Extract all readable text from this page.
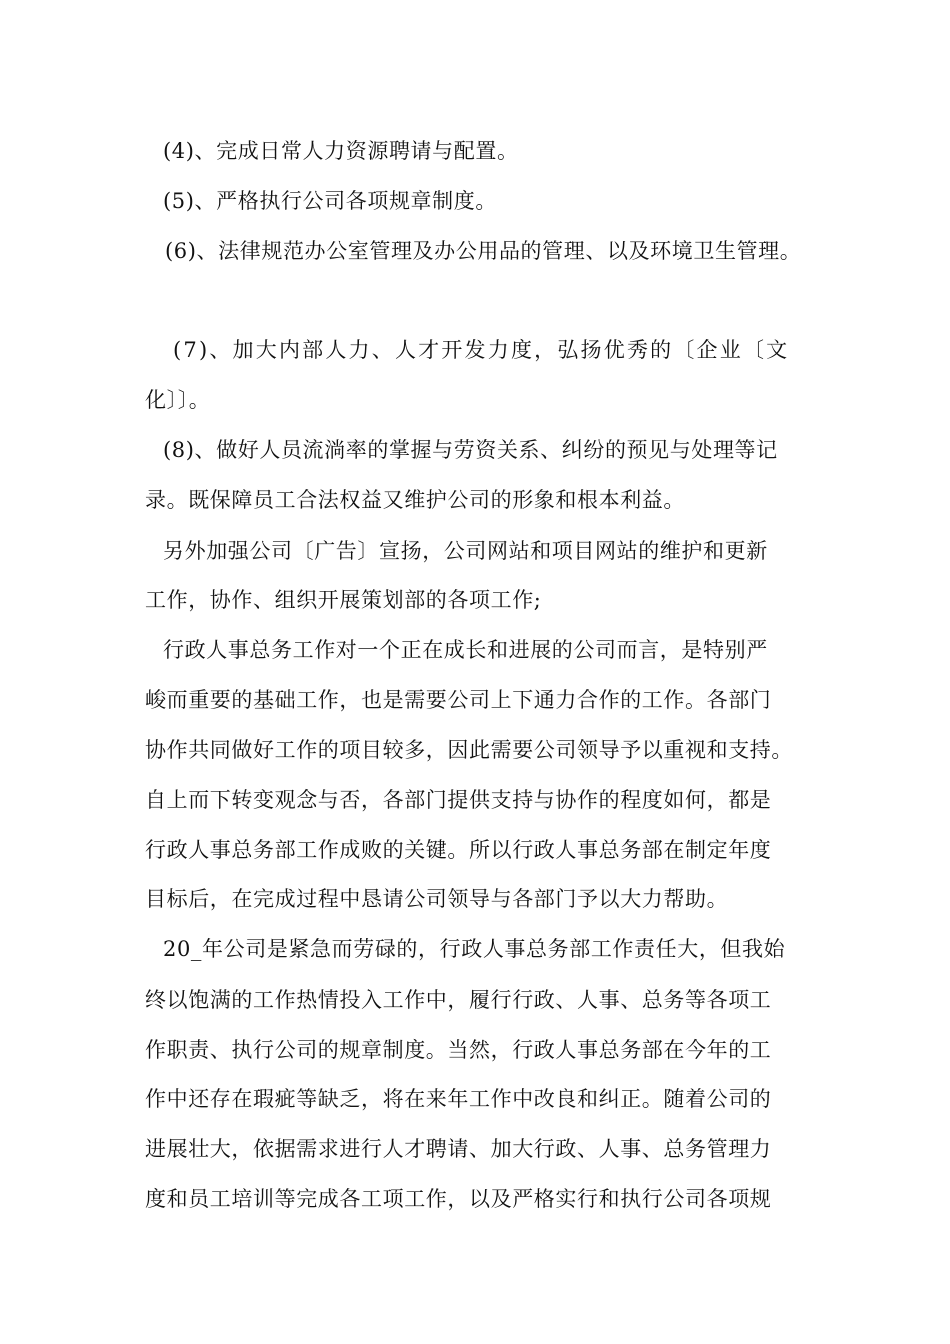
(4)、完成日常人力资源聘请与配置。
(5)、严格执行公司各项规章制度。
(6)、法律规范办公室管理及办公用品的管理、以及环境卫生管理。
(7)、加大内部人力、人才开发力度，弘扬优秀的〔企业〔文
化〕〕。
(8)、做好人员流淌率的掌握与劳资关系、纠纷的预见与处理等记
录。既保障员工合法权益又维护公司的形象和根本利益。
另外加强公司〔广告〕宣扬，公司网站和项目网站的维护和更新
工作，协作、组织开展策划部的各项工作;
行政人事总务工作对一个正在成长和进展的公司而言，是特别严
峻而重要的基础工作，也是需要公司上下通力合作的工作。各部门
协作共同做好工作的项目较多，因此需要公司领导予以重视和支持。
自上而下转变观念与否，各部门提供支持与协作的程度如何，都是
行政人事总务部工作成败的关键。所以行政人事总务部在制定年度
目标后，在完成过程中恳请公司领导与各部门予以大力帮助。
20_年公司是紧急而劳碌的，行政人事总务部工作责任大，但我始
终以饱满的工作热情投入工作中，履行行政、人事、总务等各项工
作职责、执行公司的规章制度。当然，行政人事总务部在今年的工
作中还存在瑕疵等缺乏，将在来年工作中改良和纠正。随着公司的
进展壮大，依据需求进行人才聘请、加大行政、人事、总务管理力
度和员工培训等完成各工项工作，以及严格实行和执行公司各项规
